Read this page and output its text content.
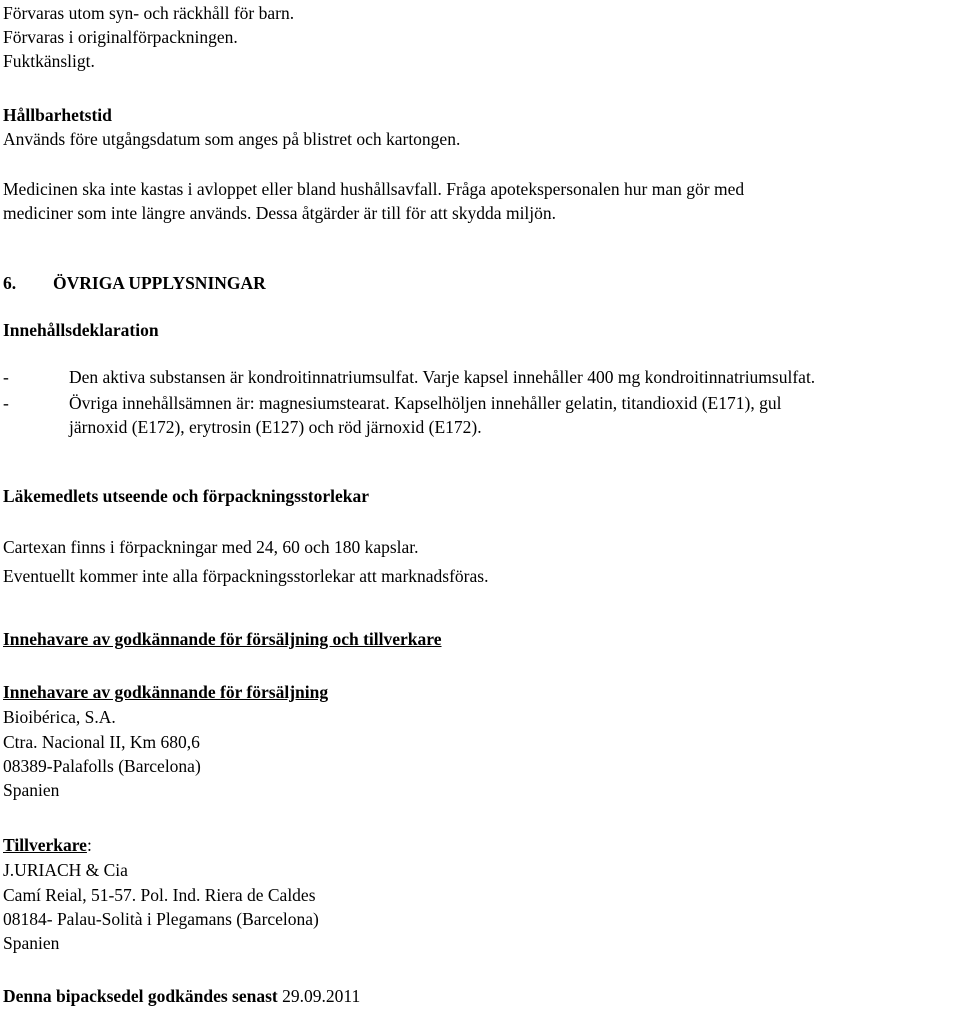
Förvaras utom syn- och räckhåll för barn.
Förvaras i originalförpackningen.
Fuktkänsligt.
Hållbarhetstid
Används före utgångsdatum som anges på blistret och kartongen.
Medicinen ska inte kastas i avloppet eller bland hushållsavfall. Fråga apotekspersonalen hur man gör med
mediciner som inte längre används. Dessa åtgärder är till för att skydda miljön.
6. ÖVRIGA UPPLYSNINGAR
Innehållsdeklaration
-	Den aktiva substansen är kondroitinnatriumsulfat. Varje kapsel innehåller 400 mg kondroitinnatriumsulfat.
-	Övriga innehållsämnen är: magnesiumstearat. Kapselhöljen innehåller gelatin, titandioxid (E171), gul
järnoxid (E172), erytrosin (E127) och röd järnoxid (E172).
Läkemedlets utseende och förpackningsstorlekar
Cartexan finns i förpackningar med 24, 60 och 180 kapslar.
Eventuellt kommer inte alla förpackningsstorlekar att marknadsföras.
Innehavare av godkännande för försäljning och tillverkare
Innehavare av godkännande för försäljning
Bioibérica, S.A.
Ctra. Nacional II, Km 680,6
08389-Palafolls (Barcelona)
Spanien
Tillverkare:
J.URIACH & Cia
Camí Reial, 51-57. Pol. Ind. Riera de Caldes
08184- Palau-Solità i Plegamans (Barcelona)
Spanien
Denna bipacksedel godkändes senast 29.09.2011
